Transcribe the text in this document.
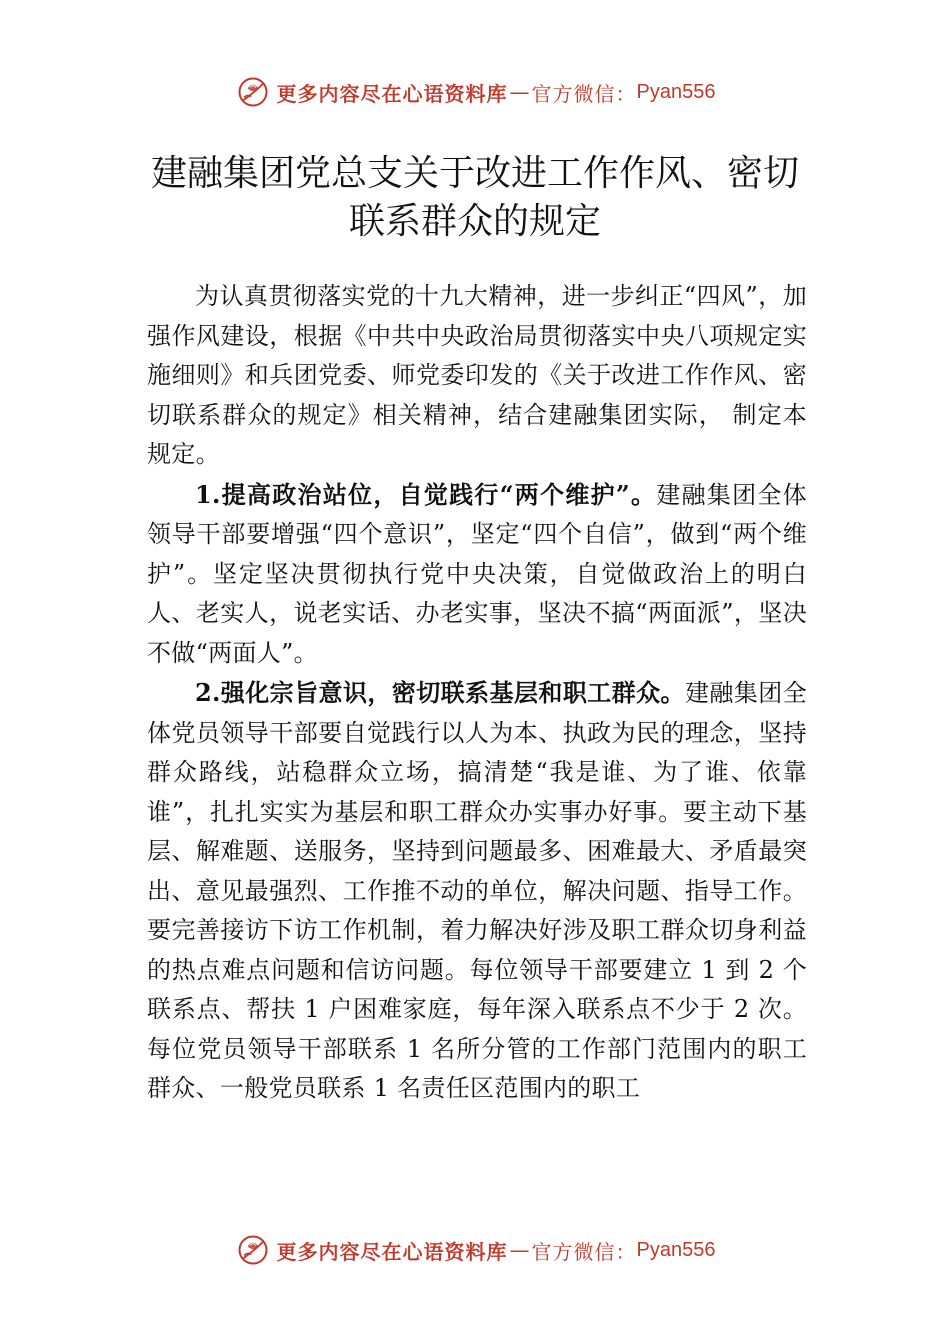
更多内容尽在心语资料库 — 官方微信： Pyan556
建融集团党总支关于改进工作作风、密切
联系群众的规定

为认真贯彻落实党的十九大精神，进一步纠正“四风”，加强作风建设，根据《中共中央政治局贯彻落实中央八项规定实施细则》和兵团党委、师党委印发的《关于改进工作作风、密切联系群众的规定》相关精神，结合建融集团实际， 制定本规定。

1.提高政治站位，自觉践行“两个维护”。建融集团全体领导干部要增强“四个意识”，坚定“四个自信”，做到“两个维护”。坚定坚决贯彻执行党中央决策，自觉做政治上的明白人、老实人，说老实话、办老实事，坚决不搞“两面派”，坚决不做“两面人”。

2.强化宗旨意识，密切联系基层和职工群众。建融集团全体党员领导干部要自觉践行以人为本、执政为民的理念，坚持群众路线，站稳群众立场，搞清楚“我是谁、为了谁、依靠谁”，扎扎实实为基层和职工群众办实事办好事。要主动下基层、解难题、送服务，坚持到问题最多、困难最大、矛盾最突出、意见最强烈、工作推不动的单位，解决问题、指导工作。要完善接访下访工作机制，着力解决好涉及职工群众切身利益的热点难点问题和信访问题。每位领导干部要建立 1 到 2 个联系点、帮扶 1 户困难家庭，每年深入联系点不少于 2 次。每位党员领导干部联系 1 名所分管的工作部门范围内的职工群众、一般党员联系 1 名责任区范围内的职工

更多内容尽在心语资料库 — 官方微信： Pyan556
